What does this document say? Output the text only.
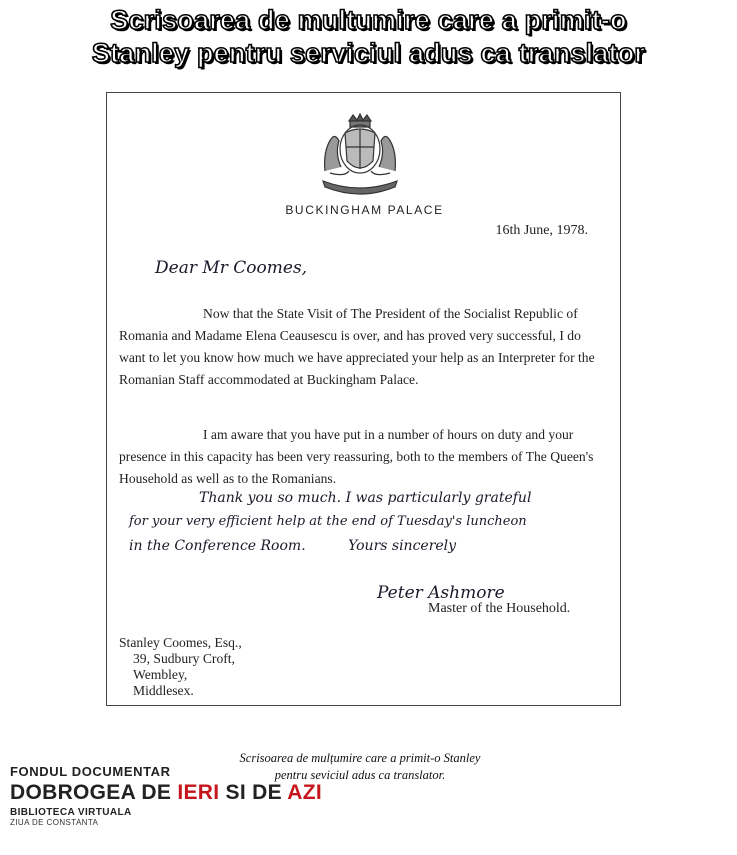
Scrisoarea de multumire care a primit-o
Stanley pentru serviciul adus ca translator
BUCKINGHAM PALACE
16th June, 1978.
Dear Mr Coomes,

Now that the State Visit of The President of the Socialist Republic of Romania and Madame Elena Ceausescu is over, and has proved very successful, I do want to let you know how much we have appreciated your help as an Interpreter for the Romanian Staff accommodated at Buckingham Palace.

I am aware that you have put in a number of hours on duty and your presence in this capacity has been very reassuring, both to the members of The Queen's Household as well as to the Romanians.

Thank you so much. I was particularly grateful
for your very efficient help at the end of Tuesday's luncheon
in the Conference Room.	Yours sincerely
Peter Ashmore
Master of the Household.
Stanley Coomes, Esq.,
39, Sudbury Croft,
Wembley,
Middlesex.
Scrisoarea de mulțumire care a primit-o Stanley
pentru seviciul adus ca translator.
FONDUL DOCUMENTAR
DOBROGEA DE IERI SI DE AZI
BIBLIOTECA VIRTUALA
ZIUA DE CONSTANTA
